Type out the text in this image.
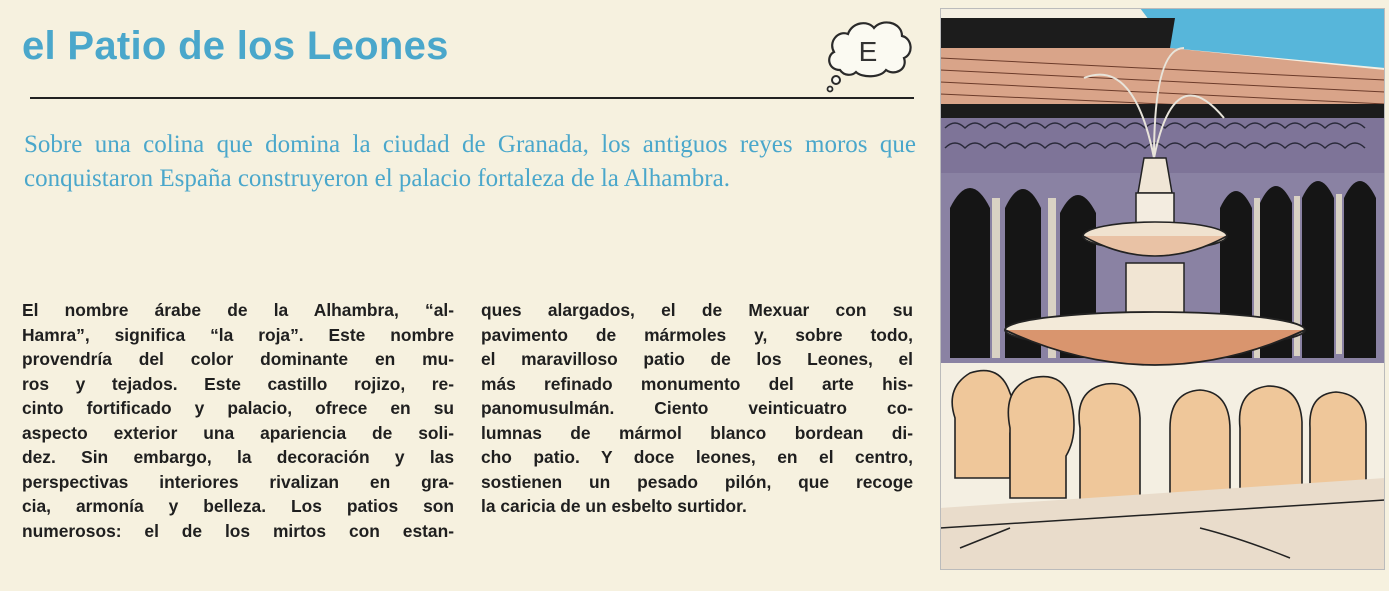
el Patio de los Leones	E

Sobre una colina que domina la ciudad de Granada, los antiguos reyes moros que conquistaron España construyeron el palacio fortaleza de la Alhambra.

El nombre árabe de la Alhambra, “al-
Hamra”, significa “la roja”. Este nombre
provendría del color dominante en mu-
ros y tejados. Este castillo rojizo, re-
cinto fortificado y palacio, ofrece en su
aspecto exterior una apariencia de soli-
dez. Sin embargo, la decoración y las
perspectivas interiores rivalizan en gra-
cia, armonía y belleza. Los patios son
numerosos: el de los mirtos con estan-
ques alargados, el de Mexuar con su
pavimento de mármoles y, sobre todo,
el maravilloso patio de los Leones, el
más refinado monumento del arte his-
panomusulmán. Ciento veinticuatro co-
lumnas de mármol blanco bordean di-
cho patio. Y doce leones, en el centro,
sostienen un pesado pilón, que recoge
la caricia de un esbelto surtidor.
